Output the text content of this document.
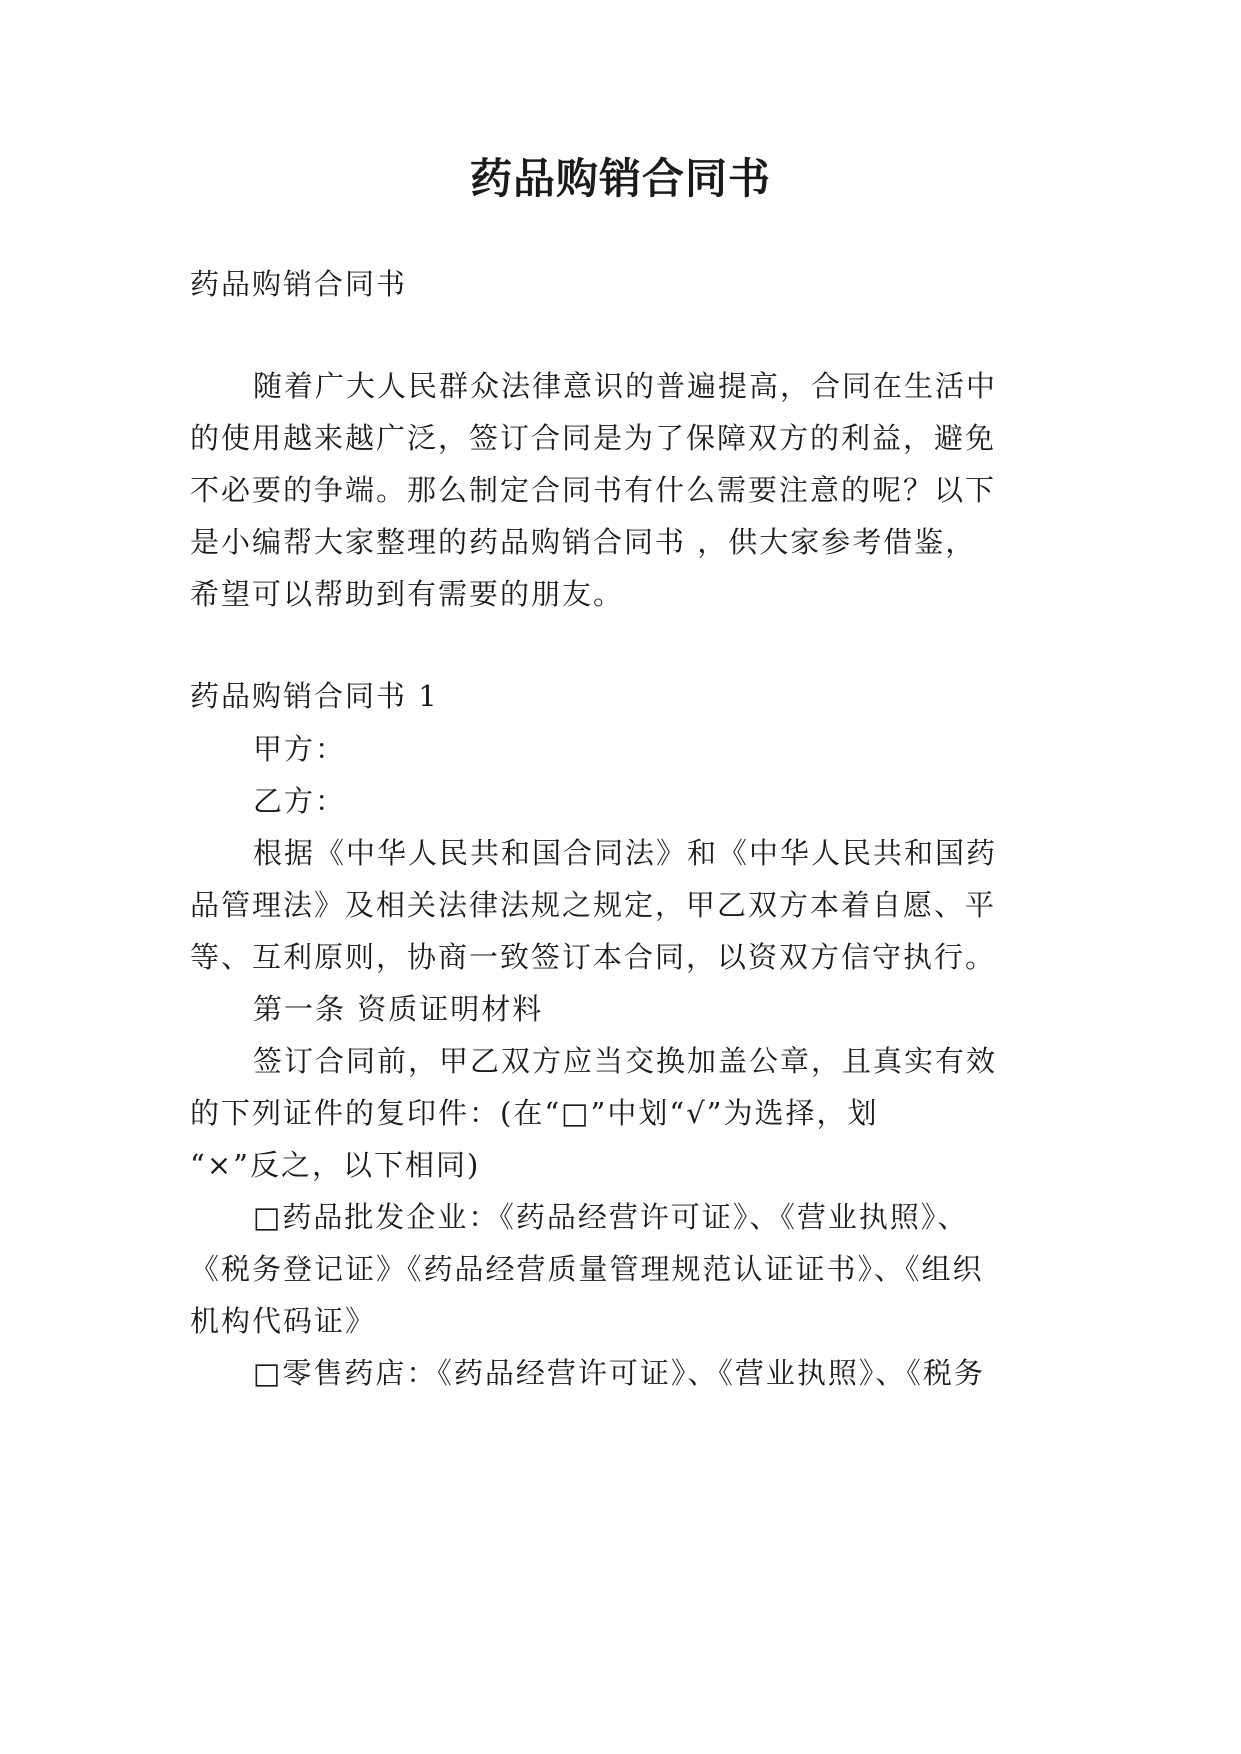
药品购销合同书

药品购销合同书

随着广大人民群众法律意识的普遍提高，合同在生活中

的使用越来越广泛，签订合同是为了保障双方的利益，避免

不必要的争端。那么制定合同书有什么需要注意的呢？以下

是小编帮大家整理的药品购销合同书 ，供大家参考借鉴，

希望可以帮助到有需要的朋友。

药品购销合同书 1

甲方：

乙方：

根据《中华人民共和国合同法》和《中华人民共和国药

品管理法》及相关法律法规之规定，甲乙双方本着自愿、平

等、互利原则，协商一致签订本合同，以资双方信守执行。

第一条 资质证明材料

签订合同前，甲乙双方应当交换加盖公章，且真实有效

的下列证件的复印件：(在“□”中划“√”为选择，划

“×”反之，以下相同)

□药品批发企业：《药品经营许可证》、《营业执照》、

《税务登记证》《药品经营质量管理规范认证证书》、《组织

机构代码证》

□零售药店：《药品经营许可证》、《营业执照》、《税务
